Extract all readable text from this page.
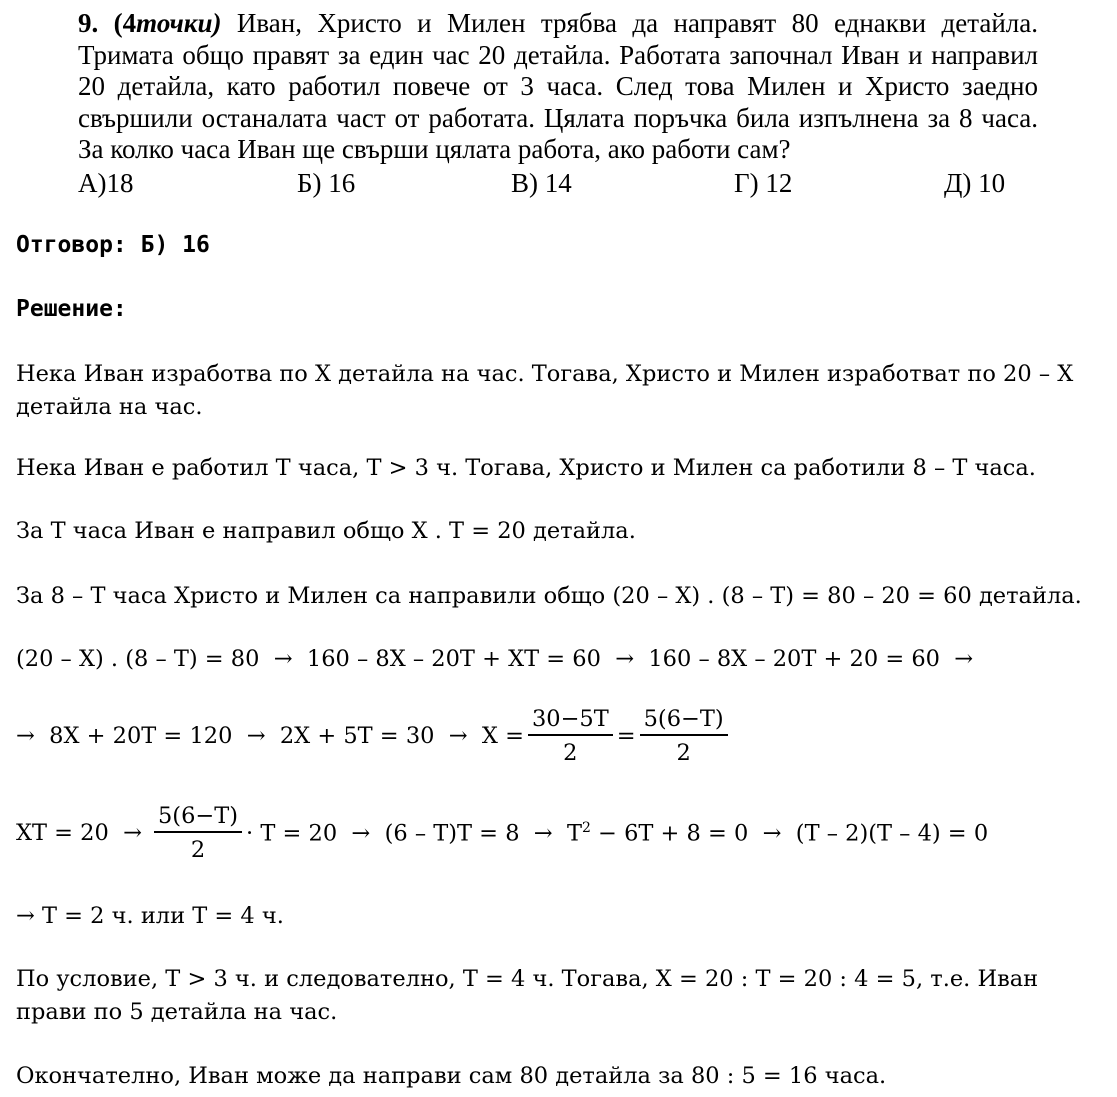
9. (4точки) Иван, Христо и Милен трябва да направят 80 еднакви детайла. Тримата общо правят за един час 20 детайла. Работата започнал Иван и направил 20 детайла, като работил повече от 3 часа. След това Милен и Христо заедно свършили останалата част от работата. Цялата поръчка била изпълнена за 8 часа. За колко часа Иван ще свърши цялата работа, ако работи сам?
A)18	Б) 16	В) 14	Г) 12	Д) 10
Отговор: Б) 16
Решение:
Нека Иван изработва по X детайла на час. Тогава, Христо и Милен изработват по 20 – X детайла на час.
Нека Иван е работил T часа, T > 3 ч. Тогава, Христо и Милен са работили 8 – T часа.
За T часа Иван е направил общо X . T = 20 детайла.
За 8 – T часа Христо и Милен са направили общо (20 – X) . (8 – T) = 80 – 20 = 60 детайла.
(20 – X) . (8 – T) = 80  →  160 – 8X – 20T + XT = 60  →  160 – 8X – 20T + 20 = 60  →
→  $8X + 20T = 120 \to 2X + 5T = 30 \to X = \frac{30-5T}{2} = \frac{5(6-T)}{2}$
XT = $20 \to \frac{5(6-T)}{2} \cdot T = 20 \to (6 - T)T = 8 \to T^2 - 6T + 8 = 0 \to (T - 2)(T - 4) = 0$
→ T = 2 ч. или T = 4 ч.
По условие, T > 3 ч. и следователно, T = 4 ч. Тогава, X = 20 : T = 20 : 4 = 5, т.е. Иван прави по 5 детайла на час.
Окончателно, Иван може да направи сам 80 детайла за 80 : 5 = 16 часа.
